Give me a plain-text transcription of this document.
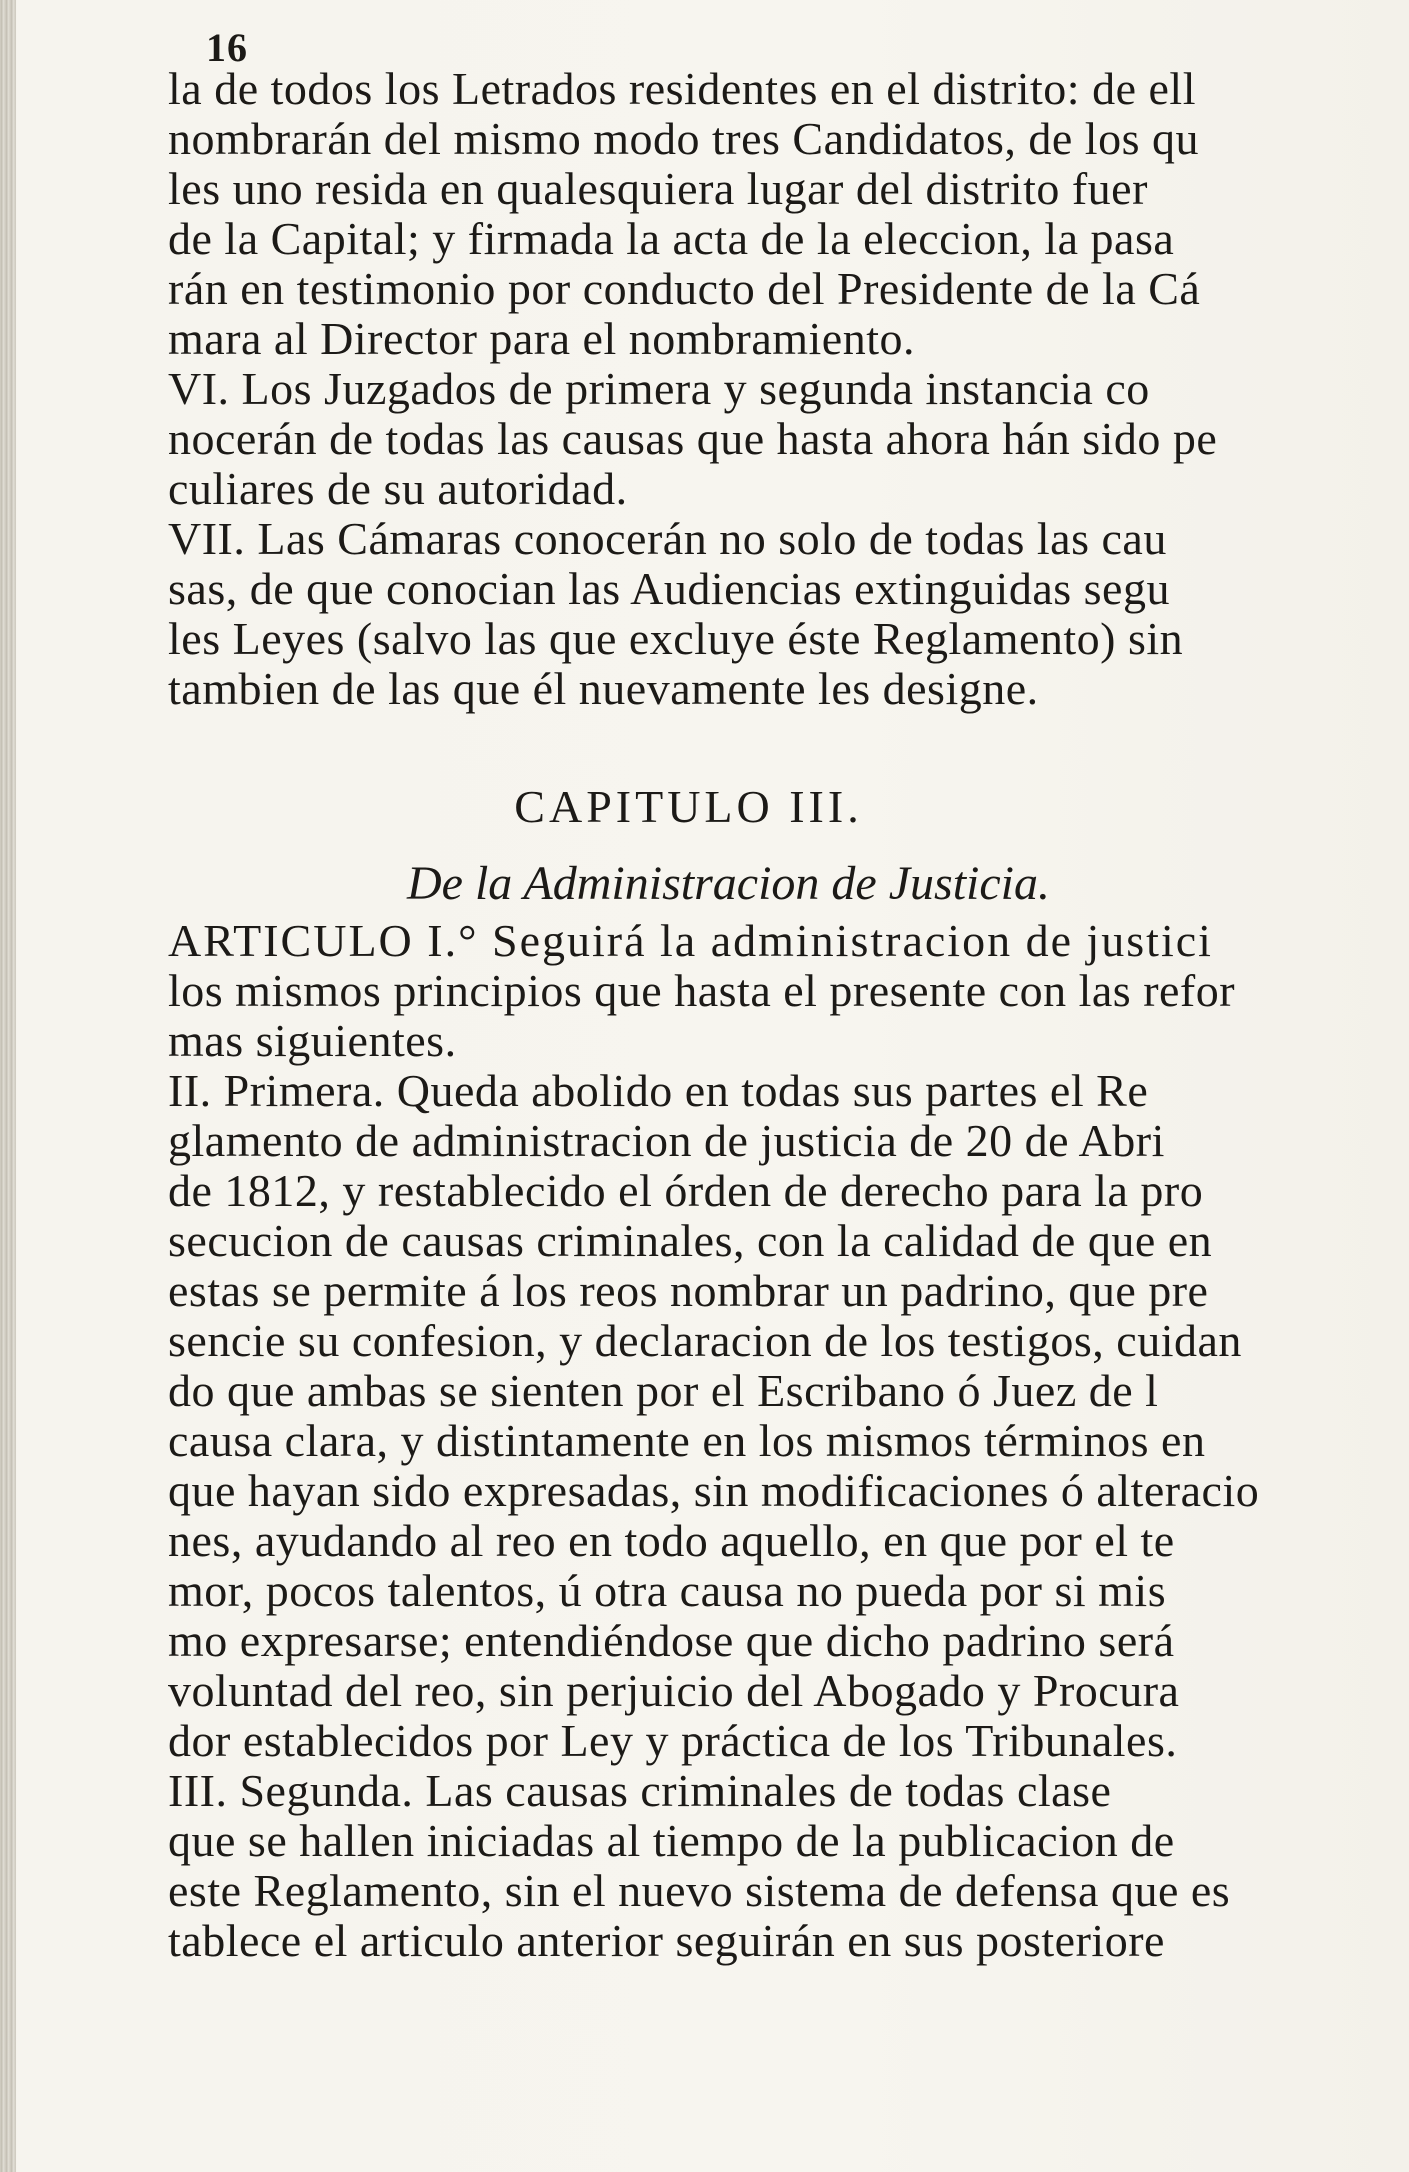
16
la de todos los Letrados residentes en el distrito: de ell
nombrarán del mismo modo tres Candidatos, de los qu
les uno resida en qualesquiera lugar del distrito fuer
de la Capital; y firmada la acta de la eleccion, la pasa
rán en testimonio por conducto del Presidente de la Cá
mara al Director para el nombramiento.
VI. Los Juzgados de primera y segunda instancia co
nocerán de todas las causas que hasta ahora hán sido pe
culiares de su autoridad.
VII. Las Cámaras conocerán no solo de todas las cau
sas, de que conocian las Audiencias extinguidas segu
les Leyes (salvo las que excluye éste Reglamento) sin
tambien de las que él nuevamente les designe.
CAPITULO III.
De la Administracion de Justicia.
ARTICULO I.° Seguirá la administracion de justici
los mismos principios que hasta el presente con las refor
mas siguientes.
II. Primera. Queda abolido en todas sus partes el Re
glamento de administracion de justicia de 20 de Abri
de 1812, y restablecido el órden de derecho para la pro
secucion de causas criminales, con la calidad de que en
estas se permite á los reos nombrar un padrino, que pre
sencie su confesion, y declaracion de los testigos, cuidan
do que ambas se sienten por el Escribano ó Juez de l
causa clara, y distintamente en los mismos términos en
que hayan sido expresadas, sin modificaciones ó alteracio
nes, ayudando al reo en todo aquello, en que por el te
mor, pocos talentos, ú otra causa no pueda por si mis
mo expresarse; entendiéndose que dicho padrino será
voluntad del reo, sin perjuicio del Abogado y Procura
dor establecidos por Ley y práctica de los Tribunales.
III. Segunda. Las causas criminales de todas clase
que se hallen iniciadas al tiempo de la publicacion de
este Reglamento, sin el nuevo sistema de defensa que es
tablece el articulo anterior seguirán en sus posteriore
